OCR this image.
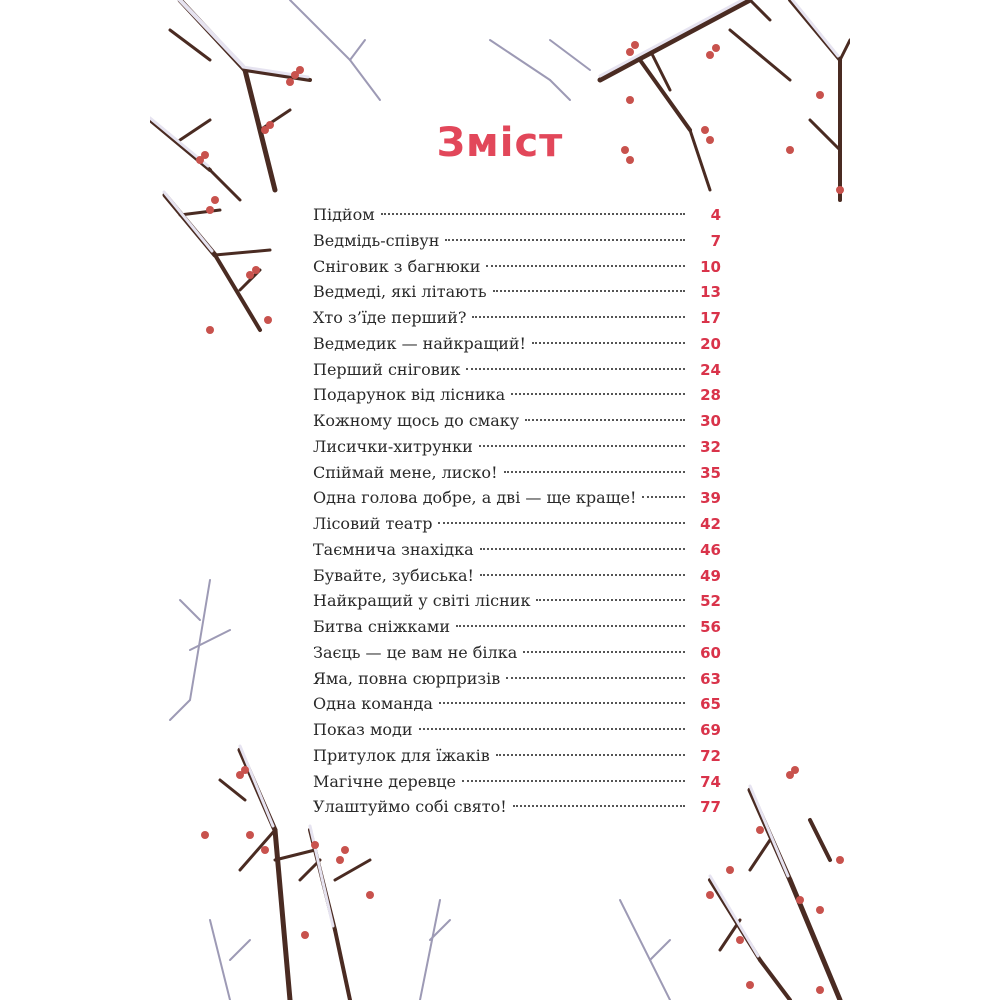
Зміст
Підйом	4
Ведмідь-співун	7
Сніговик з багнюки	10
Ведмеді, які літають	13
Хто з’їде перший?	17
Ведмедик — найкращий!	20
Перший сніговик	24
Подарунок від лісника	28
Кожному щось до смаку	30
Лисички-хитрунки	32
Спіймай мене, лиско!	35
Одна голова добре, а дві — ще краще!	39
Лісовий театр	42
Таємнича знахідка	46
Бувайте, зубиська!	49
Найкращий у світі лісник	52
Битва сніжками	56
Заєць — це вам не білка	60
Яма, повна сюрпризів	63
Одна команда	65
Показ моди	69
Притулок для їжаків	72
Магічне деревце	74
Улаштуймо собі свято!	77
